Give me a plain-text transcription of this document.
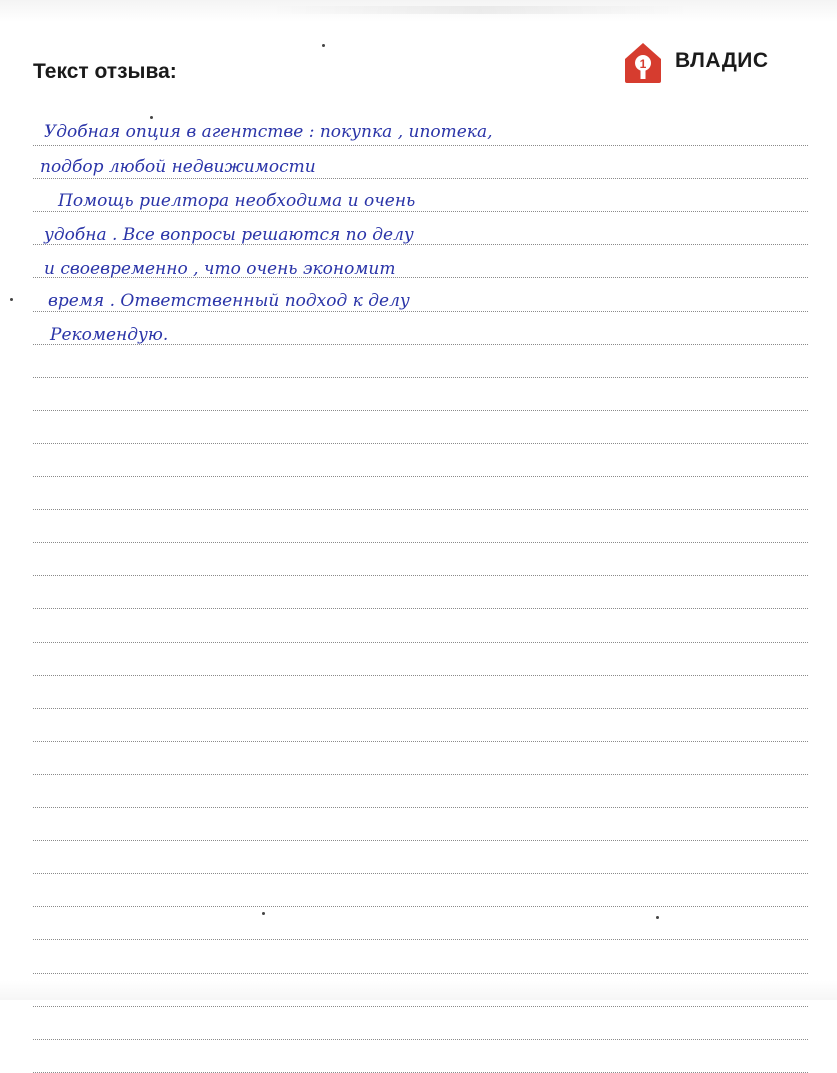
Текст отзыва:	1 ВЛАДИС
Удобная опция в агентстве : покупка , ипотека,
подбор любой недвижимости
Помощь риелтора необходима и очень
удобна . Все вопросы решаются по делу
и своевременно , что очень экономит
время . Ответственный подход к делу
Рекомендую.
